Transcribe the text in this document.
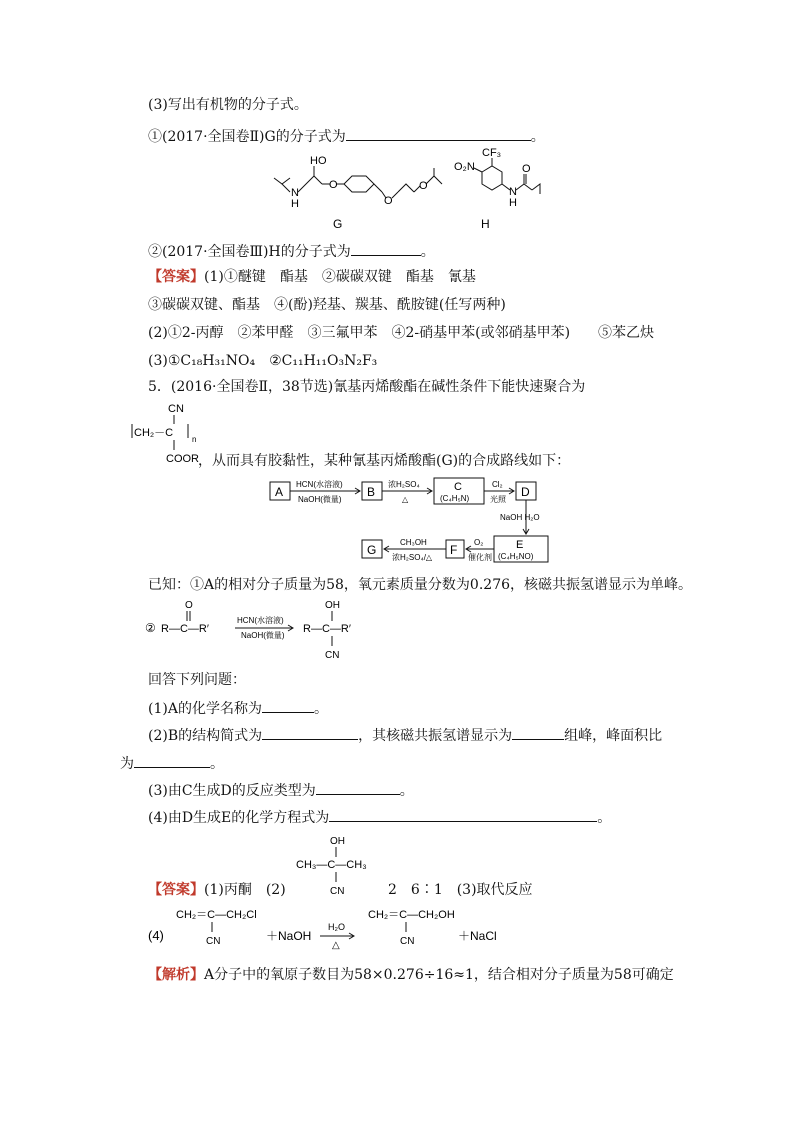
(3)写出有机物的分子式。
①(2017·全国卷Ⅱ)G的分子式为	。
HO
N
H
O
O
O
G
CF₃
O₂N	O
N
H
H
②(2017·全国卷Ⅲ)H的分子式为	。
【答案】(1)①醚键　酯基　②碳碳双键　酯基　氰基
③碳碳双键、酯基　④(酚)羟基、羰基、酰胺键(任写两种)
(2)①2-丙醇　②苯甲醛　③三氟甲苯　④2-硝基甲苯(或邻硝基甲苯)　　⑤苯乙炔
(3)①C₁₈H₃₁NO₄　②C₁₁H₁₁O₃N₂F₃
5．(2016·全国卷Ⅱ，38节选)氰基丙烯酸酯在碱性条件下能快速聚合为
CN
CH₂－C
n
COOR ，从而具有胶黏性，某种氰基丙烯酸酯(G)的合成路线如下：
A	B	C
(C₄H₅N)	D
E
(C₄H₅NO)
F
G
HCN(水溶液)
NaOH(微量)
浓H₂SO₄
△
Cl₂
光照
NaOH H₂O
O₂
催化剂
CH₃OH
浓H₂SO₄/△
已知：①A的相对分子质量为58，氧元素质量分数为0.276，核磁共振氢谱显示为单峰。
②
O
R—C—R′
HCN(水溶液)
NaOH(微量)
OH
R—C—R′
CN
回答下列问题：
(1)A的化学名称为	。
(2)B的结构简式为	，其核磁共振氢谱显示为	组峰，峰面积比
为	。
(3)由C生成D的反应类型为	。
(4)由D生成E的化学方程式为	。
OH
CH₃—C—CH₃
CN
【答案】(1)丙酮　(2)	2　6∶1　(3)取代反应
(4)
CH₂＝C—CH₂Cl
CN	＋NaOH
H₂O
△
CH₂＝C—CH₂OH
CN	＋NaCl
【解析】A分子中的氧原子数目为58×0.276÷16≈1，结合相对分子质量为58可确定
